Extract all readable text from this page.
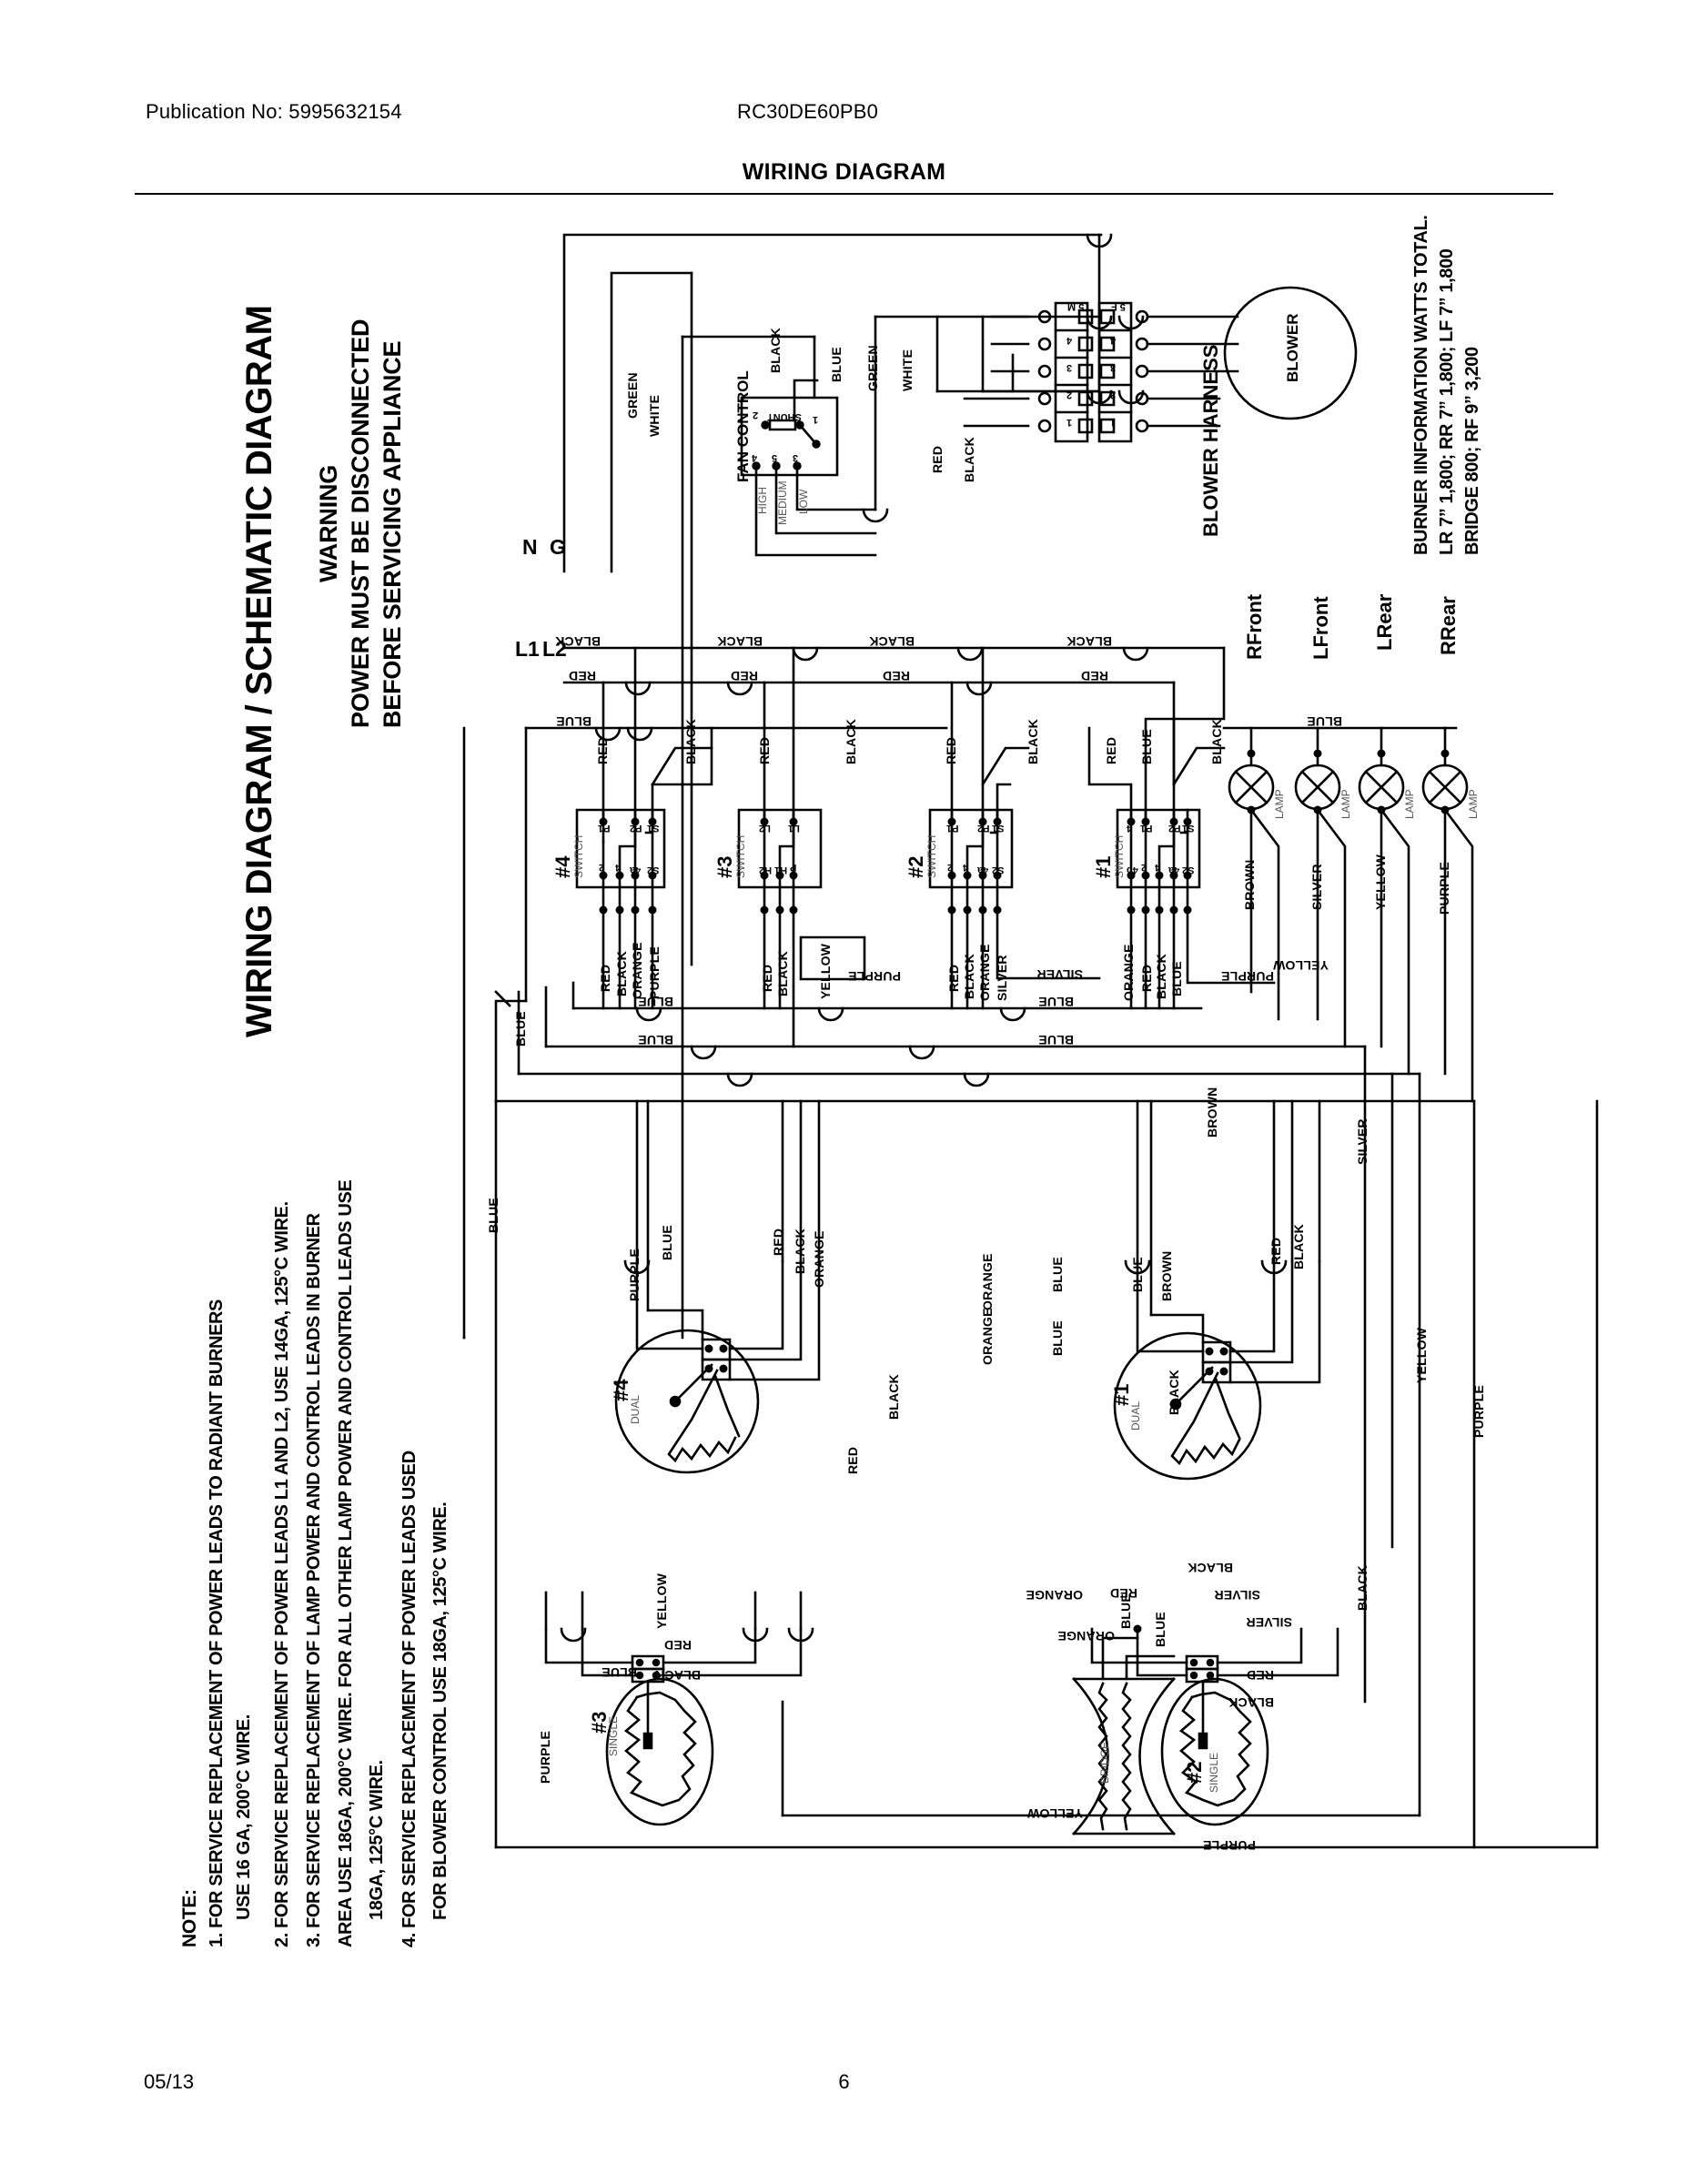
Publication No: 5995632154	RC30DE60PB0
WIRING DIAGRAM
05/13	6
WIRING DIAGRAM / SCHEMATIC DIAGRAM WARNING POWER MUST BE DISCONNECTED BEFORE SERVICING APPLIANCE
NOTE: 1. FOR SERVICE REPLACEMENT OF POWER LEADS TO RADIANT BURNERS USE 16 GA, 200°C WIRE. 2. FOR SERVICE REPLACEMENT OF POWER LEADS L1 AND L2, USE 14GA, 125°C WIRE. 3. FOR SERVICE REPLACEMENT OF LAMP POWER AND CONTROL LEADS IN BURNER AREA USE 18GA, 200°C WIRE. FOR ALL OTHER LAMP POWER AND CONTROL LEADS USE 18GA, 125°C WIRE. 4. FOR SERVICE REPLACEMENT OF POWER LEADS USED FOR BLOWER CONTROL USE 18GA, 125°C WIRE.
BURNER IINFORMATION WATTS TOTAL. LR 7” 1,800; RR 7” 1,800; LF 7” 1,800 BRIDGE 800; RF 9” 3,200
N G
L1 L2
GREEN WHITE	FAN CONTROL SHUNT
2	1
4 5 3
HIGH MEDIUM LOW
BLACK	BLUE GREEN WHITE
RED BLACK
BLOWER
BLOWER HARNESS
5 M	5 F
4
3
2
1
4
3
2
1
BLACK
RED
BLUE
BLACK
RED
BLACK
RED
BLACK
RED
BLUE
#4
SWITCH
P1 P2 S1
2 4 4a S2
RED	BLACK
RED BLACK ORANGE PURPLE
#3
SWITCH
L2 L1
H2 H1 P
RED	BLACK
RED BLACK YELLOW
#2
SWITCH
P1 P2 S1
2 4 4a S2
RED	BLACK
RED BLACK ORANGE SILVER SILVER
#1
SWITCH
4 P1 P2 S1
4b 2 4 4a S2
BLUE	BLACK
ORANGE RED BLACK BLUE
RED
RFront LFront LRear RRear
LAMP	LAMP	LAMP	LAMP
BROWN	SILVER	YELLOW	PURPLE
BLUE
BLUE
BLUE
BLUE
PURPLE	PURPLE
YELLOW
BLUE
BLUE
#4
DUAL
PURPLE
BLUE	RED BLACK ORANGE
#1
DUAL
ORANGE	BLUE	BLUE BROWN	RED BLACK
BLACK
#3
SINGLE
PURPLE
BLUE BLACK
RED
YELLOW
#2 SINGLE
ORANGE	BLUE	SILVER
RED
BLACK
BRIDGE
YELLOW
PURPLE
YELLOW
PURPLE
SILVER
BROWN
BLACK
RED	SILVER
ORANGE	BLUE
BLACK
RED
BLACK
ORANGE	BLUE
